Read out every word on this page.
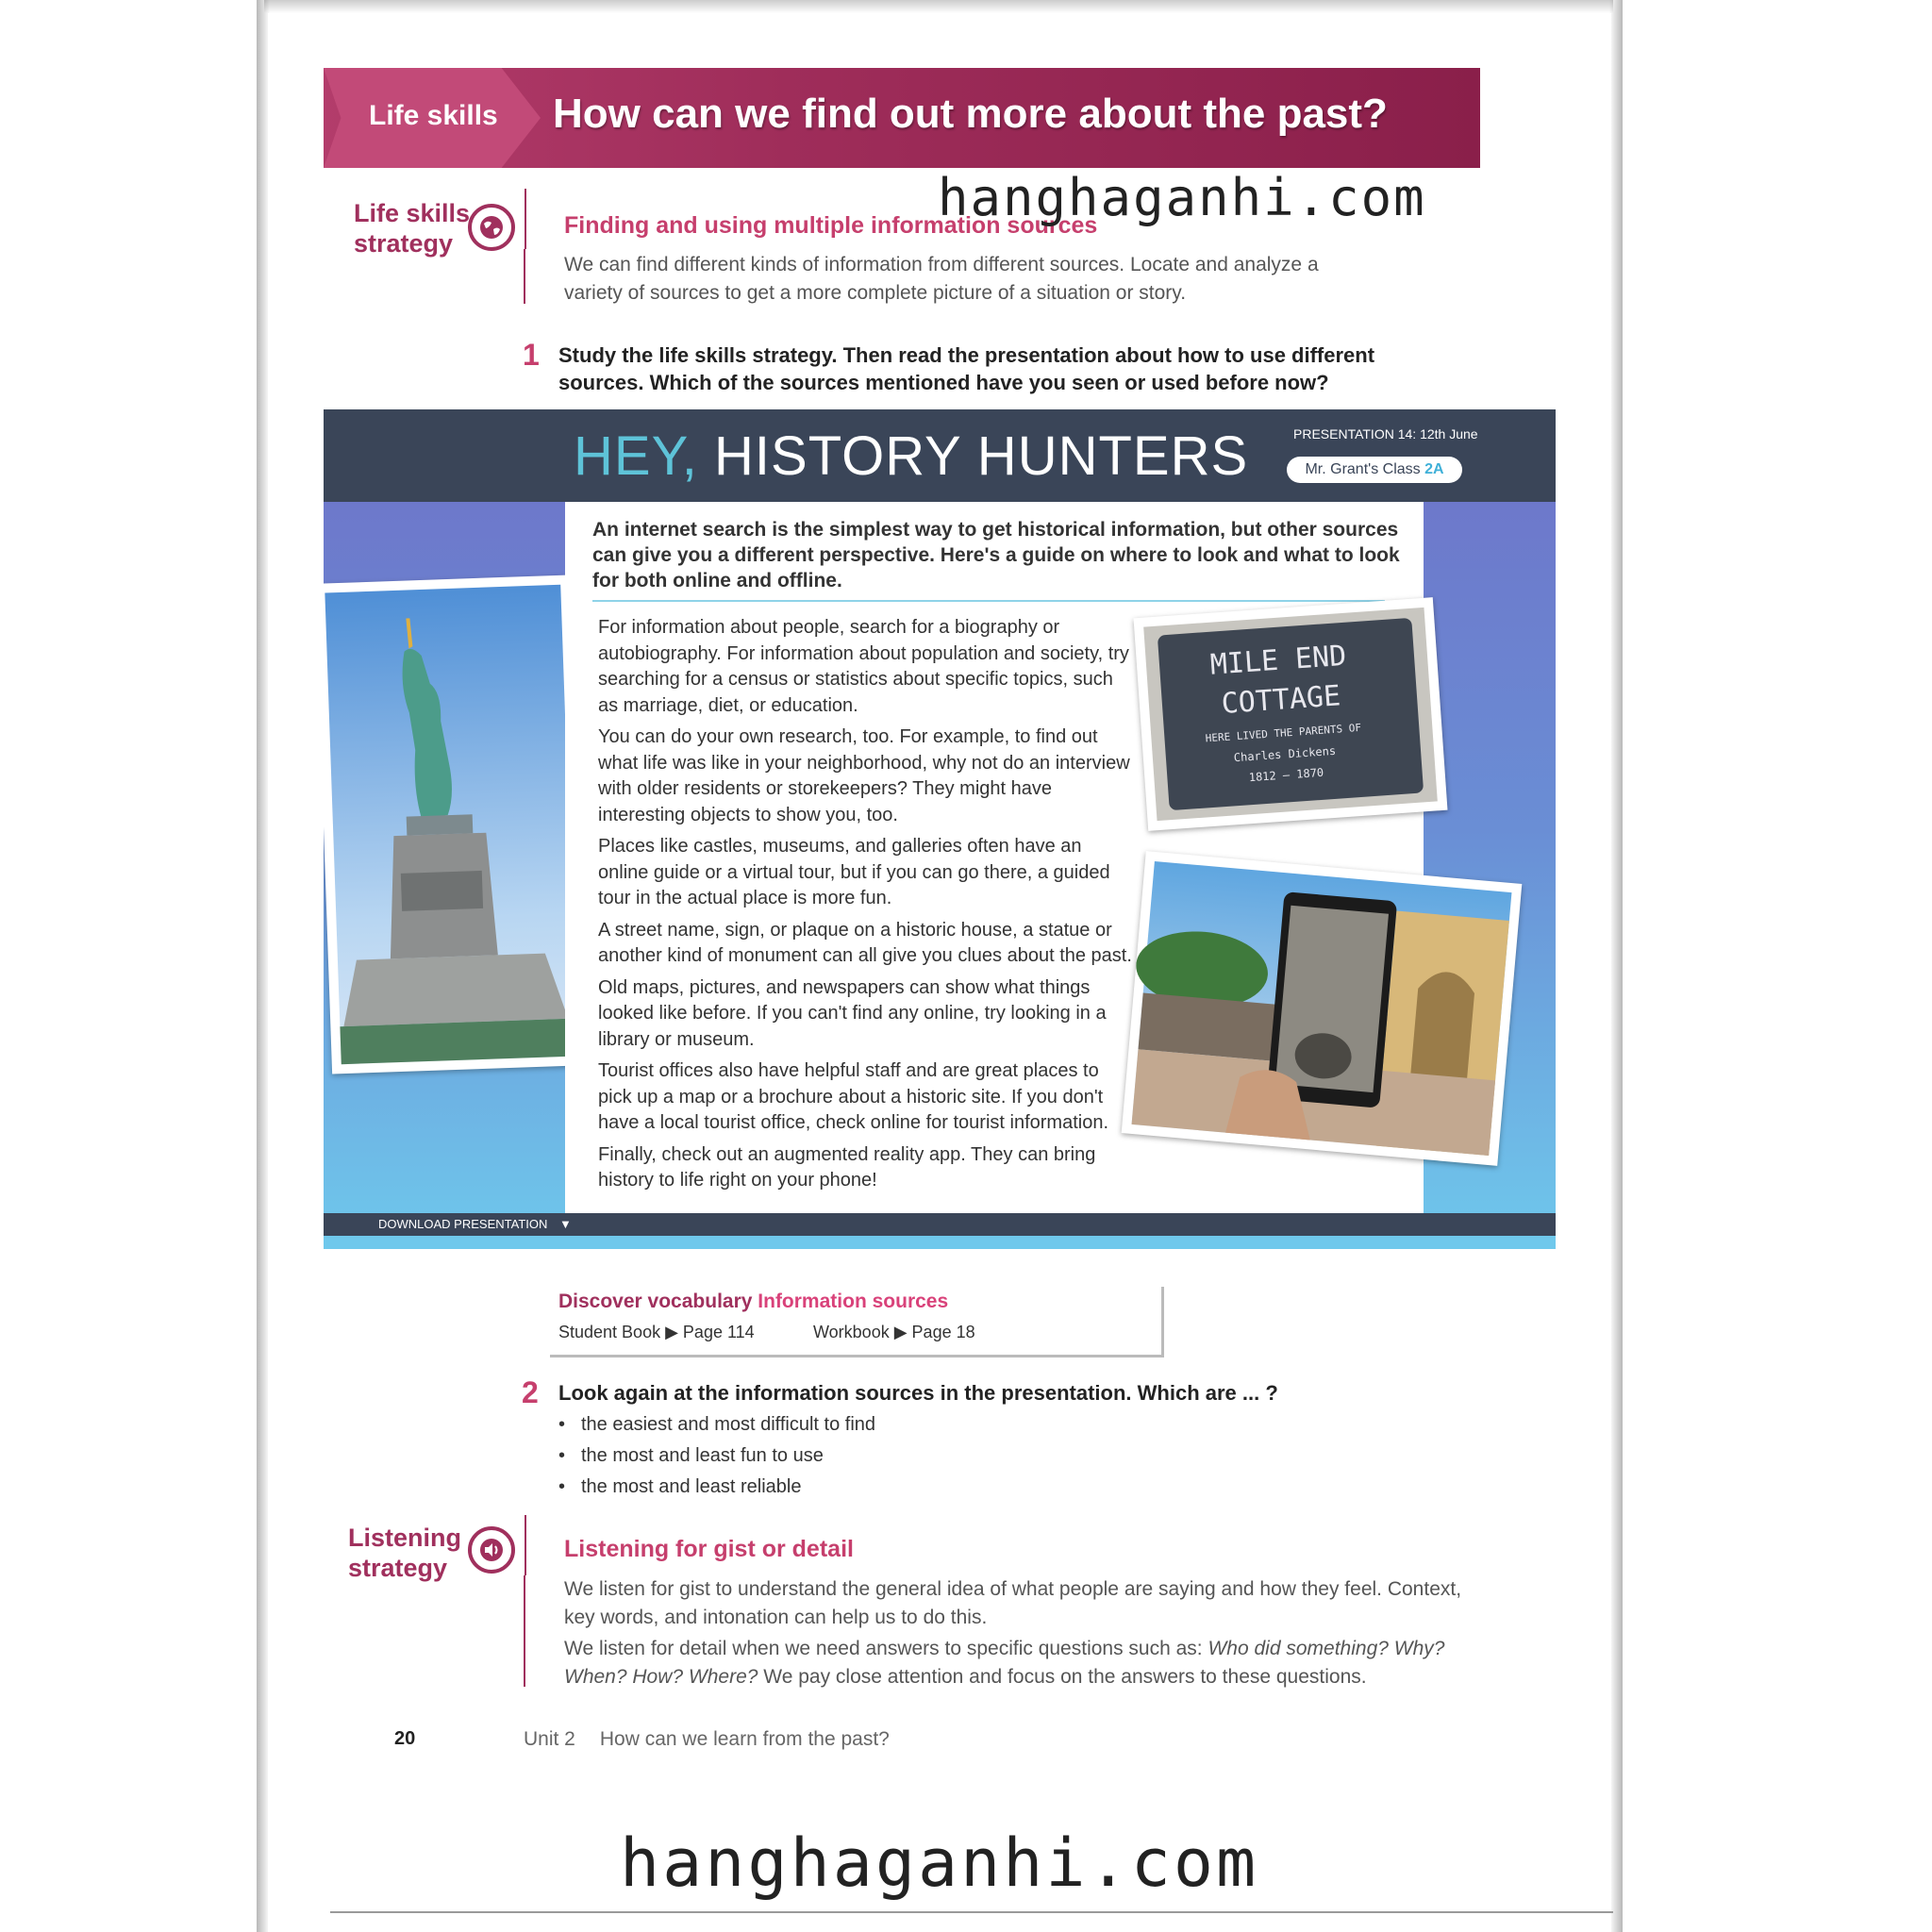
Life skills How can we find out more about the past?
Life skills
strategy
Finding and using multiple information sources
We can find different kinds of information from different sources. Locate and analyze a variety of sources to get a more complete picture of a situation or story.
1 Study the life skills strategy. Then read the presentation about how to use different sources. Which of the sources mentioned have you seen or used before now?
HEY, HISTORY HUNTERS	PRESENTATION 14: 12th June
Mr. Grant's Class 2A
An internet search is the simplest way to get historical information, but other sources can give you a different perspective. Here's a guide on where to look and what to look for both online and offline.

For information about people, search for a biography or autobiography. For information about population and society, try searching for a census or statistics about specific topics, such as marriage, diet, or education.

You can do your own research, too. For example, to find out what life was like in your neighborhood, why not do an interview with older residents or storekeepers? They might have interesting objects to show you, too.

Places like castles, museums, and galleries often have an online guide or a virtual tour, but if you can go there, a guided tour in the actual place is more fun.

A street name, sign, or plaque on a historic house, a statue or another kind of monument can all give you clues about the past.

Old maps, pictures, and newspapers can show what things looked like before. If you can't find any online, try looking in a library or museum.

Tourist offices also have helpful staff and are great places to pick up a map or a brochure about a historic site. If you don't have a local tourist office, check online for tourist information.

Finally, check out an augmented reality app. They can bring history to life right on your phone!

MILE END
COTTAGE
HERE LIVED THE PARENTS OF
Charles Dickens
1812 – 1870
DOWNLOAD PRESENTATION ▼
Discover vocabulary Information sources
Student Book ▶ Page 114	Workbook ▶ Page 18
2 Look again at the information sources in the presentation. Which are ... ?
• the easiest and most difficult to find
• the most and least fun to use
• the most and least reliable
Listening
strategy
Listening for gist or detail
We listen for gist to understand the general idea of what people are saying and how they feel. Context, key words, and intonation can help us to do this.
We listen for detail when we need answers to specific questions such as: Who did something? Why? When? How? Where? We pay close attention and focus on the answers to these questions.
20	Unit 2 How can we learn from the past?
hanghaganhi.com
hanghaganhi.com
